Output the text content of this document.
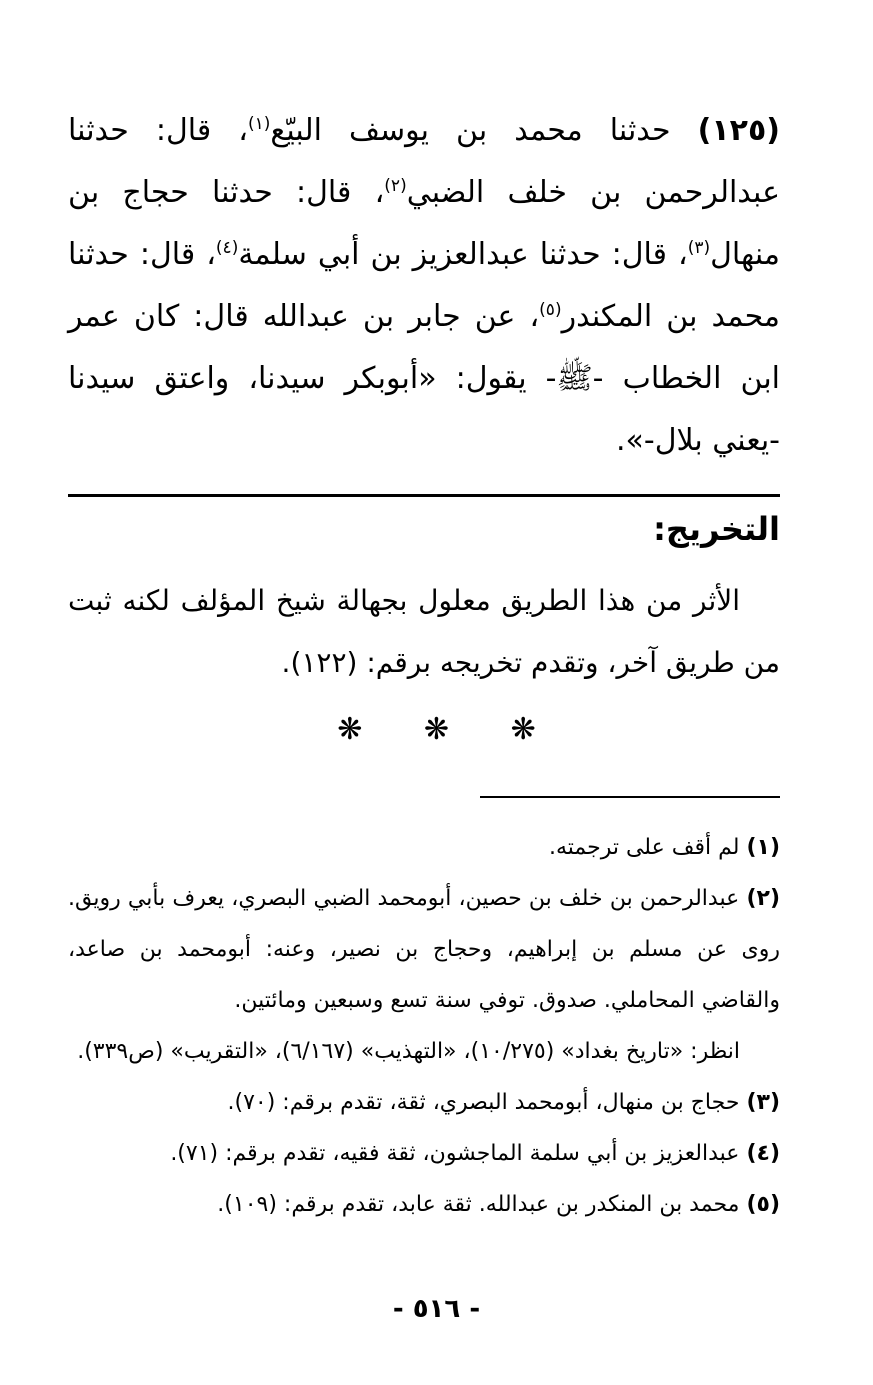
(١٢٥) حدثنا محمد بن يوسف البيّع$^{(١)}$، قال: حدثنا عبدالرحمن بن خلف الضبي$^{(٢)}$، قال: حدثنا حجاج بن منهال$^{(٣)}$، قال: حدثنا عبدالعزيز بن أبي سلمة$^{(٤)}$، قال: حدثنا محمد بن المكندر$^{(٥)}$، عن جابر بن عبدالله قال: كان عمر ابن الخطاب -ﷺ- يقول: «أبوبكر سيدنا، واعتق سيدنا -يعني بلال-».

التخريج:

الأثر من هذا الطريق معلول بجهالة شيخ المؤلف لكنه ثبت من طريق آخر، وتقدم تخريجه برقم: (١٢٢).

❋ ❋ ❋

(١) لم أقف على ترجمته.

(٢) عبدالرحمن بن خلف بن حصين، أبومحمد الضبي البصري، يعرف بأبي رويق. روى عن مسلم بن إبراهيم، وحجاج بن نصير، وعنه: أبومحمد بن صاعد، والقاضي المحاملي. صدوق. توفي سنة تسع وسبعين ومائتين.

انظر: «تاريخ بغداد» (١٠/٢٧٥)، «التهذيب» (٦/١٦٧)، «التقريب» (ص٣٣٩).

(٣) حجاج بن منهال، أبومحمد البصري، ثقة، تقدم برقم: (٧٠).

(٤) عبدالعزيز بن أبي سلمة الماجشون، ثقة فقيه، تقدم برقم: (٧١).

(٥) محمد بن المنكدر بن عبدالله. ثقة عابد، تقدم برقم: (١٠٩).

- ٥١٦ -
